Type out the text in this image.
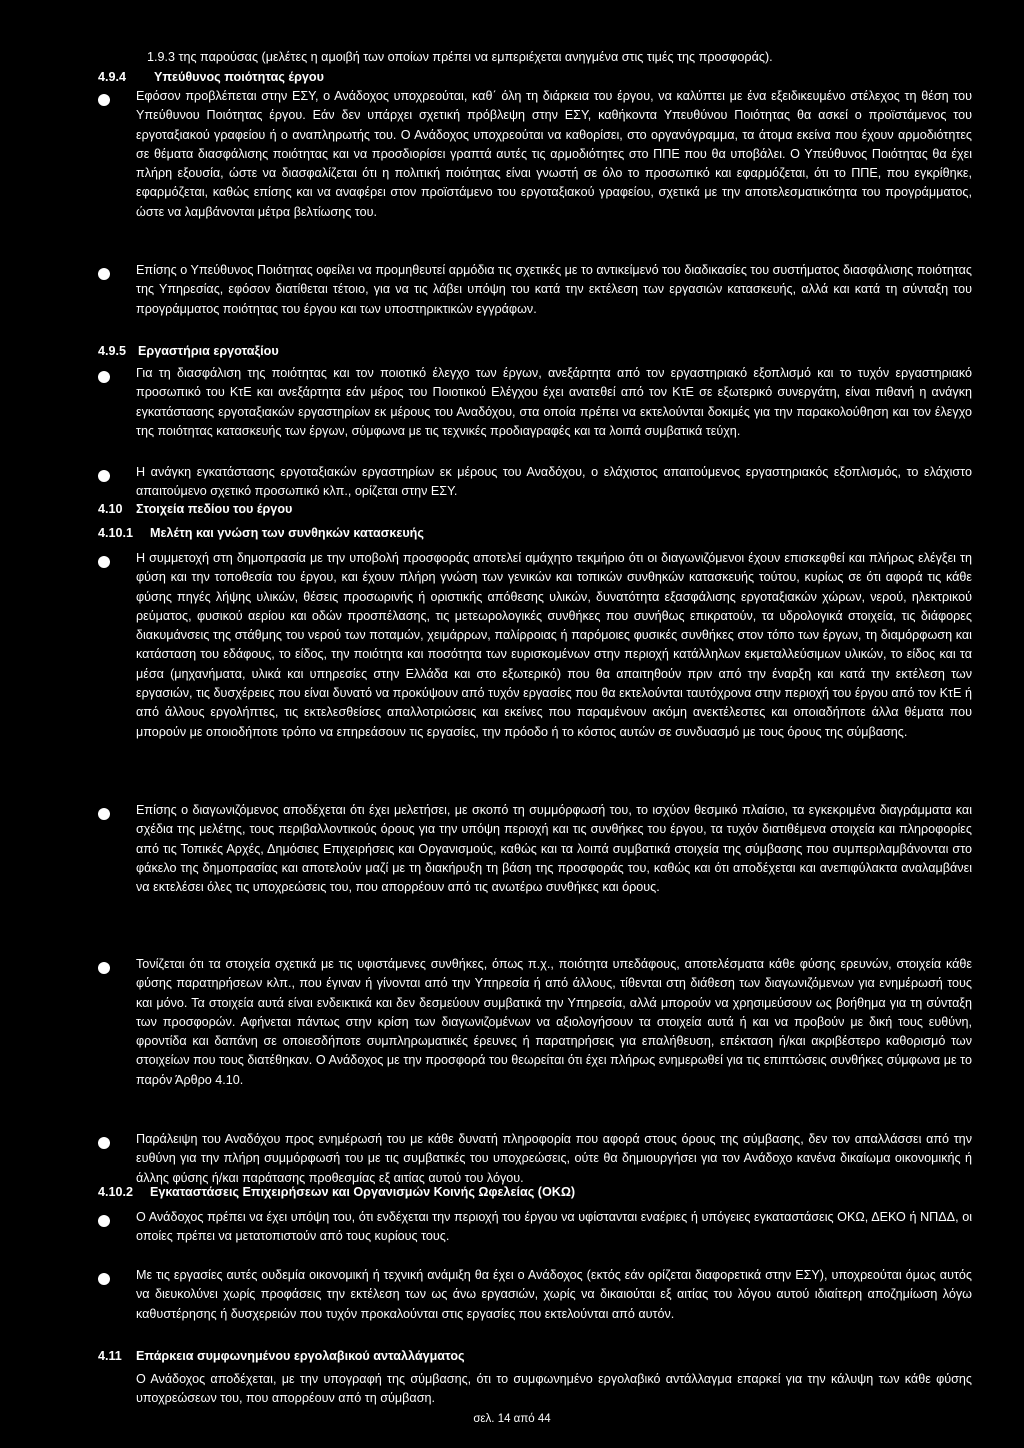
1.9.3 της παρούσας (μελέτες η αμοιβή των οποίων πρέπει να εμπεριέχεται ανηγμένα στις τιμές της προσφοράς).
4.9.4 Υπεύθυνος ποιότητας έργου
Εφόσον προβλέπεται στην ΕΣΥ, ο Ανάδοχος υποχρεούται, καθ΄ όλη τη διάρκεια του έργου, να καλύπτει με ένα εξειδικευμένο στέλεχος τη θέση του Υπεύθυνου Ποιότητας έργου. Εάν δεν υπάρχει σχετική πρόβλεψη στην ΕΣΥ, καθήκοντα Υπευθύνου Ποιότητας θα ασκεί ο προϊστάμενος του εργοταξιακού γραφείου ή ο αναπληρωτής του. Ο Ανάδοχος υποχρεούται να καθορίσει, στο οργανόγραμμα, τα άτομα εκείνα που έχουν αρμοδιότητες σε θέματα διασφάλισης ποιότητας και να προσδιορίσει γραπτά αυτές τις αρμοδιότητες στο ΠΠΕ που θα υποβάλει. Ο Υπεύθυνος Ποιότητας θα έχει πλήρη εξουσία, ώστε να διασφαλίζεται ότι η πολιτική ποιότητας είναι γνωστή σε όλο το προσωπικό και εφαρμόζεται, ότι το ΠΠΕ, που εγκρίθηκε, εφαρμόζεται, καθώς επίσης και να αναφέρει στον προϊστάμενο του εργοταξιακού γραφείου, σχετικά με την αποτελεσματικότητα του προγράμματος, ώστε να λαμβάνονται μέτρα βελτίωσης του.
Επίσης ο Υπεύθυνος Ποιότητας οφείλει να προμηθευτεί αρμόδια τις σχετικές με το αντικείμενό του διαδικασίες του συστήματος διασφάλισης ποιότητας της Υπηρεσίας, εφόσον διατίθεται τέτοιο, για να τις λάβει υπόψη του κατά την εκτέλεση των εργασιών κατασκευής, αλλά και κατά τη σύνταξη του προγράμματος ποιότητας του έργου και των υποστηρικτικών εγγράφων.
4.9.5 Εργαστήρια εργοταξίου
Για τη διασφάλιση της ποιότητας και τον ποιοτικό έλεγχο των έργων, ανεξάρτητα από τον εργαστηριακό εξοπλισμό και το τυχόν εργαστηριακό προσωπικό του ΚτΕ και ανεξάρτητα εάν μέρος του Ποιοτικού Ελέγχου έχει ανατεθεί από τον ΚτΕ σε εξωτερικό συνεργάτη, είναι πιθανή η ανάγκη εγκατάστασης εργοταξιακών εργαστηρίων εκ μέρους του Αναδόχου, στα οποία πρέπει να εκτελούνται δοκιμές για την παρακολούθηση και τον έλεγχο της ποιότητας κατασκευής των έργων, σύμφωνα με τις τεχνικές προδιαγραφές και τα λοιπά συμβατικά τεύχη.
Η ανάγκη εγκατάστασης εργοταξιακών εργαστηρίων εκ μέρους του Αναδόχου, ο ελάχιστος απαιτούμενος εργαστηριακός εξοπλισμός, το ελάχιστο απαιτούμενο σχετικό προσωπικό κλπ., ορίζεται στην ΕΣΥ.
4.10 Στοιχεία πεδίου του έργου
4.10.1 Μελέτη και γνώση των συνθηκών κατασκευής
Η συμμετοχή στη δημοπρασία με την υποβολή προσφοράς αποτελεί αμάχητο τεκμήριο ότι οι διαγωνιζόμενοι έχουν επισκεφθεί και πλήρως ελέγξει τη φύση και την τοποθεσία του έργου, και έχουν πλήρη γνώση των γενικών και τοπικών συνθηκών κατασκευής τούτου, κυρίως σε ότι αφορά τις κάθε φύσης πηγές λήψης υλικών, θέσεις προσωρινής ή οριστικής απόθεσης υλικών, δυνατότητα εξασφάλισης εργοταξιακών χώρων, νερού, ηλεκτρικού ρεύματος, φυσικού αερίου και οδών προσπέλασης, τις μετεωρολογικές συνθήκες που συνήθως επικρατούν, τα υδρολογικά στοιχεία, τις διάφορες διακυμάνσεις της στάθμης του νερού των ποταμών, χειμάρρων, παλίρροιας ή παρόμοιες φυσικές συνθήκες στον τόπο των έργων, τη διαμόρφωση και κατάσταση του εδάφους, το είδος, την ποιότητα και ποσότητα των ευρισκομένων στην περιοχή κατάλληλων εκμεταλλεύσιμων υλικών, το είδος και τα μέσα (μηχανήματα, υλικά και υπηρεσίες στην Ελλάδα και στο εξωτερικό) που θα απαιτηθούν πριν από την έναρξη και κατά την εκτέλεση των εργασιών, τις δυσχέρειες που είναι δυνατό να προκύψουν από τυχόν εργασίες που θα εκτελούνται ταυτόχρονα στην περιοχή του έργου από τον ΚτΕ ή από άλλους εργολήπτες, τις εκτελεσθείσες απαλλοτριώσεις και εκείνες που παραμένουν ακόμη ανεκτέλεστες και οποιαδήποτε άλλα θέματα που μπορούν με οποιοδήποτε τρόπο να επηρεάσουν τις εργασίες, την πρόοδο ή το κόστος αυτών σε συνδυασμό με τους όρους της σύμβασης.
Επίσης ο διαγωνιζόμενος αποδέχεται ότι έχει μελετήσει, με σκοπό τη συμμόρφωσή του, το ισχύον θεσμικό πλαίσιο, τα εγκεκριμένα διαγράμματα και σχέδια της μελέτης, τους περιβαλλοντικούς όρους για την υπόψη περιοχή και τις συνθήκες του έργου, τα τυχόν διατιθέμενα στοιχεία και πληροφορίες από τις Τοπικές Αρχές, Δημόσιες Επιχειρήσεις και Οργανισμούς, καθώς και τα λοιπά συμβατικά στοιχεία της σύμβασης που συμπεριλαμβάνονται στο φάκελο της δημοπρασίας και αποτελούν μαζί με τη διακήρυξη τη βάση της προσφοράς του, καθώς και ότι αποδέχεται και ανεπιφύλακτα αναλαμβάνει να εκτελέσει όλες τις υποχρεώσεις του, που απορρέουν από τις ανωτέρω συνθήκες και όρους.
Τονίζεται ότι τα στοιχεία σχετικά με τις υφιστάμενες συνθήκες, όπως π.χ., ποιότητα υπεδάφους, αποτελέσματα κάθε φύσης ερευνών, στοιχεία κάθε φύσης παρατηρήσεων κλπ., που έγιναν ή γίνονται από την Υπηρεσία ή από άλλους, τίθενται στη διάθεση των διαγωνιζόμενων για ενημέρωσή τους και μόνο. Τα στοιχεία αυτά είναι ενδεικτικά και δεν δεσμεύουν συμβατικά την Υπηρεσία, αλλά μπορούν να χρησιμεύσουν ως βοήθημα για τη σύνταξη των προσφορών. Αφήνεται πάντως στην κρίση των διαγωνιζομένων να αξιολογήσουν τα στοιχεία αυτά ή και να προβούν με δική τους ευθύνη, φροντίδα και δαπάνη σε οποιεσδήποτε συμπληρωματικές έρευνες ή παρατηρήσεις για επαλήθευση, επέκταση ή/και ακριβέστερο καθορισμό των στοιχείων που τους διατέθηκαν. Ο Ανάδοχος με την προσφορά του θεωρείται ότι έχει πλήρως ενημερωθεί για τις επιπτώσεις συνθήκες σύμφωνα με το παρόν Άρθρο 4.10.
Παράλειψη του Αναδόχου προς ενημέρωσή του με κάθε δυνατή πληροφορία που αφορά στους όρους της σύμβασης, δεν τον απαλλάσσει από την ευθύνη για την πλήρη συμμόρφωσή του με τις συμβατικές του υποχρεώσεις, ούτε θα δημιουργήσει για τον Ανάδοχο κανένα δικαίωμα οικονομικής ή άλλης φύσης ή/και παράτασης προθεσμίας εξ αιτίας αυτού του λόγου.
4.10.2 Εγκαταστάσεις Επιχειρήσεων και Οργανισμών Κοινής Ωφελείας (ΟΚΩ)
Ο Ανάδοχος πρέπει να έχει υπόψη του, ότι ενδέχεται την περιοχή του έργου να υφίστανται εναέριες ή υπόγειες εγκαταστάσεις ΟΚΩ, ΔΕΚΟ ή ΝΠΔΔ, οι οποίες πρέπει να μετατοπιστούν από τους κυρίους τους.
Με τις εργασίες αυτές ουδεμία οικονομική ή τεχνική ανάμιξη θα έχει ο Ανάδοχος (εκτός εάν ορίζεται διαφορετικά στην ΕΣΥ), υποχρεούται όμως αυτός να διευκολύνει χωρίς προφάσεις την εκτέλεση των ως άνω εργασιών, χωρίς να δικαιούται εξ αιτίας του λόγου αυτού ιδιαίτερη αποζημίωση λόγω καθυστέρησης ή δυσχερειών που τυχόν προκαλούνται στις εργασίες που εκτελούνται από αυτόν.
4.11 Επάρκεια συμφωνημένου εργολαβικού ανταλλάγματος
Ο Ανάδοχος αποδέχεται, με την υπογραφή της σύμβασης, ότι το συμφωνημένο εργολαβικό αντάλλαγμα επαρκεί για την κάλυψη των κάθε φύσης υποχρεώσεων του, που απορρέουν από τη σύμβαση.
σελ. 14 από 44
